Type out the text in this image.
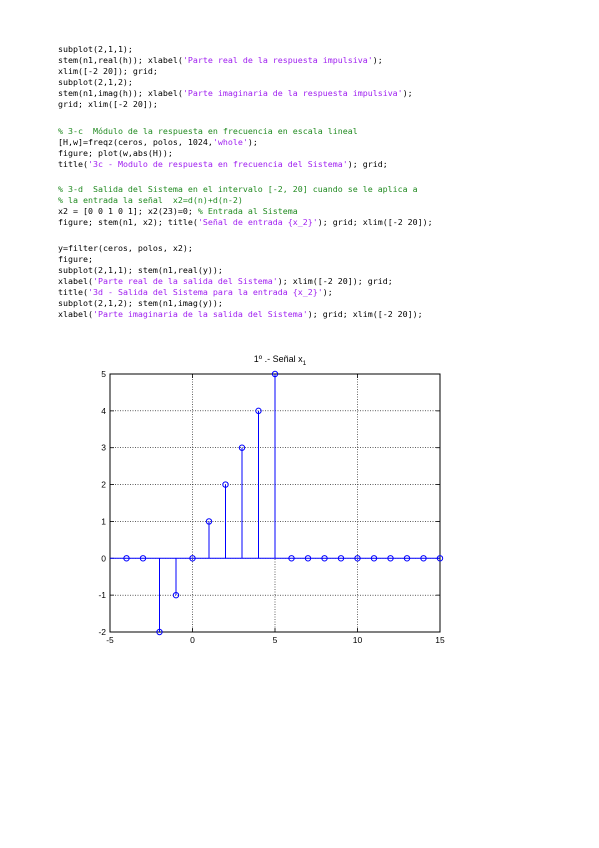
subplot(2,1,1);
stem(n1,real(h)); xlabel('Parte real de la respuesta impulsiva');
xlim([-2 20]); grid;
subplot(2,1,2);
stem(n1,imag(h)); xlabel('Parte imaginaria de la respuesta impulsiva');
grid; xlim([-2 20]);
% 3-c  Módulo de la respuesta en frecuencia en escala lineal
[H,w]=freqz(ceros, polos, 1024,'whole');
figure; plot(w,abs(H));
title('3c - Modulo de respuesta en frecuencia del Sistema'); grid;
% 3-d  Salida del Sistema en el intervalo [-2, 20] cuando se le aplica a
% la entrada la señal  x2=d(n)+d(n-2)
x2 = [0 0 1 0 1]; x2(23)=0; % Entrada al Sistema
figure; stem(n1, x2); title('Señal de entrada {x_2}'); grid; xlim([-2 20]);
y=filter(ceros, polos, x2);
figure;
subplot(2,1,1); stem(n1,real(y));
xlabel('Parte real de la salida del Sistema'); xlim([-2 20]); grid;
title('3d - Salida del Sistema para la entrada {x_2}');
subplot(2,1,2); stem(n1,imag(y));
xlabel('Parte imaginaria de la salida del Sistema'); grid; xlim([-2 20]);
1º .- Señal $x_1$
-5	0	5	10	15
-2
-1
0
1
2
3
4
5
